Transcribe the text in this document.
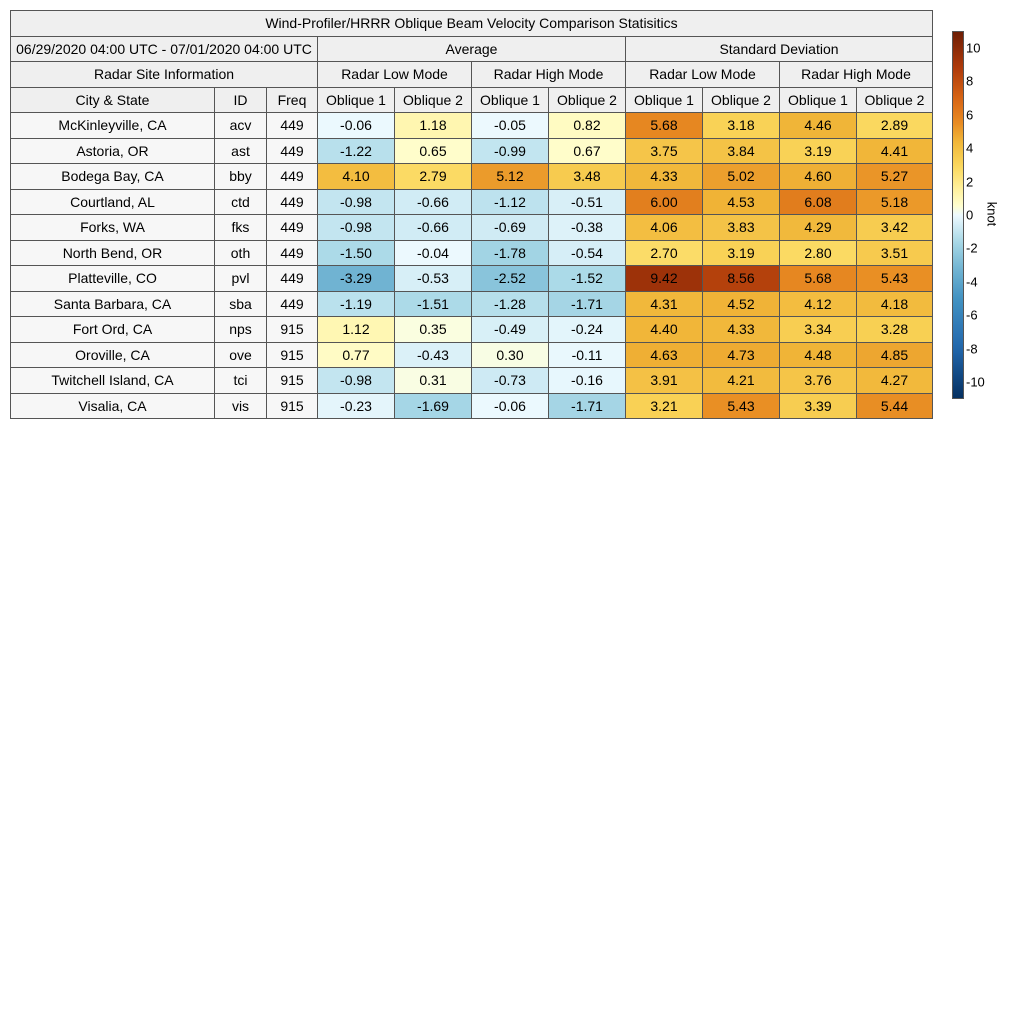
Wind-Profiler/HRRR Oblique Beam Velocity Comparison Statisitics										
06/29/2020 04:00 UTC - 07/01/2020 04:00 UTC			Average				Standard Deviation			
Radar Site Information			Radar Low Mode		Radar High Mode		Radar Low Mode		Radar High Mode	
City & State	ID	Freq	Oblique 1	Oblique 2	Oblique 1	Oblique 2	Oblique 1	Oblique 2	Oblique 1	Oblique 2
McKinleyville, CA	acv	449	-0.06	1.18	-0.05	0.82	5.68	3.18	4.46	2.89
Astoria, OR	ast	449	-1.22	0.65	-0.99	0.67	3.75	3.84	3.19	4.41
Bodega Bay, CA	bby	449	4.10	2.79	5.12	3.48	4.33	5.02	4.60	5.27
Courtland, AL	ctd	449	-0.98	-0.66	-1.12	-0.51	6.00	4.53	6.08	5.18
Forks, WA	fks	449	-0.98	-0.66	-0.69	-0.38	4.06	3.83	4.29	3.42
North Bend, OR	oth	449	-1.50	-0.04	-1.78	-0.54	2.70	3.19	2.80	3.51
Platteville, CO	pvl	449	-3.29	-0.53	-2.52	-1.52	9.42	8.56	5.68	5.43
Santa Barbara, CA	sba	449	-1.19	-1.51	-1.28	-1.71	4.31	4.52	4.12	4.18
Fort Ord, CA	nps	915	1.12	0.35	-0.49	-0.24	4.40	4.33	3.34	3.28
Oroville, CA	ove	915	0.77	-0.43	0.30	-0.11	4.63	4.73	4.48	4.85
Twitchell Island, CA	tci	915	-0.98	0.31	-0.73	-0.16	3.91	4.21	3.76	4.27
Visalia, CA	vis	915	-0.23	-1.69	-0.06	-1.71	3.21	5.43	3.39	5.44
10
8
6
4
2
0
-2
-4
-6
-8
-10
knot
